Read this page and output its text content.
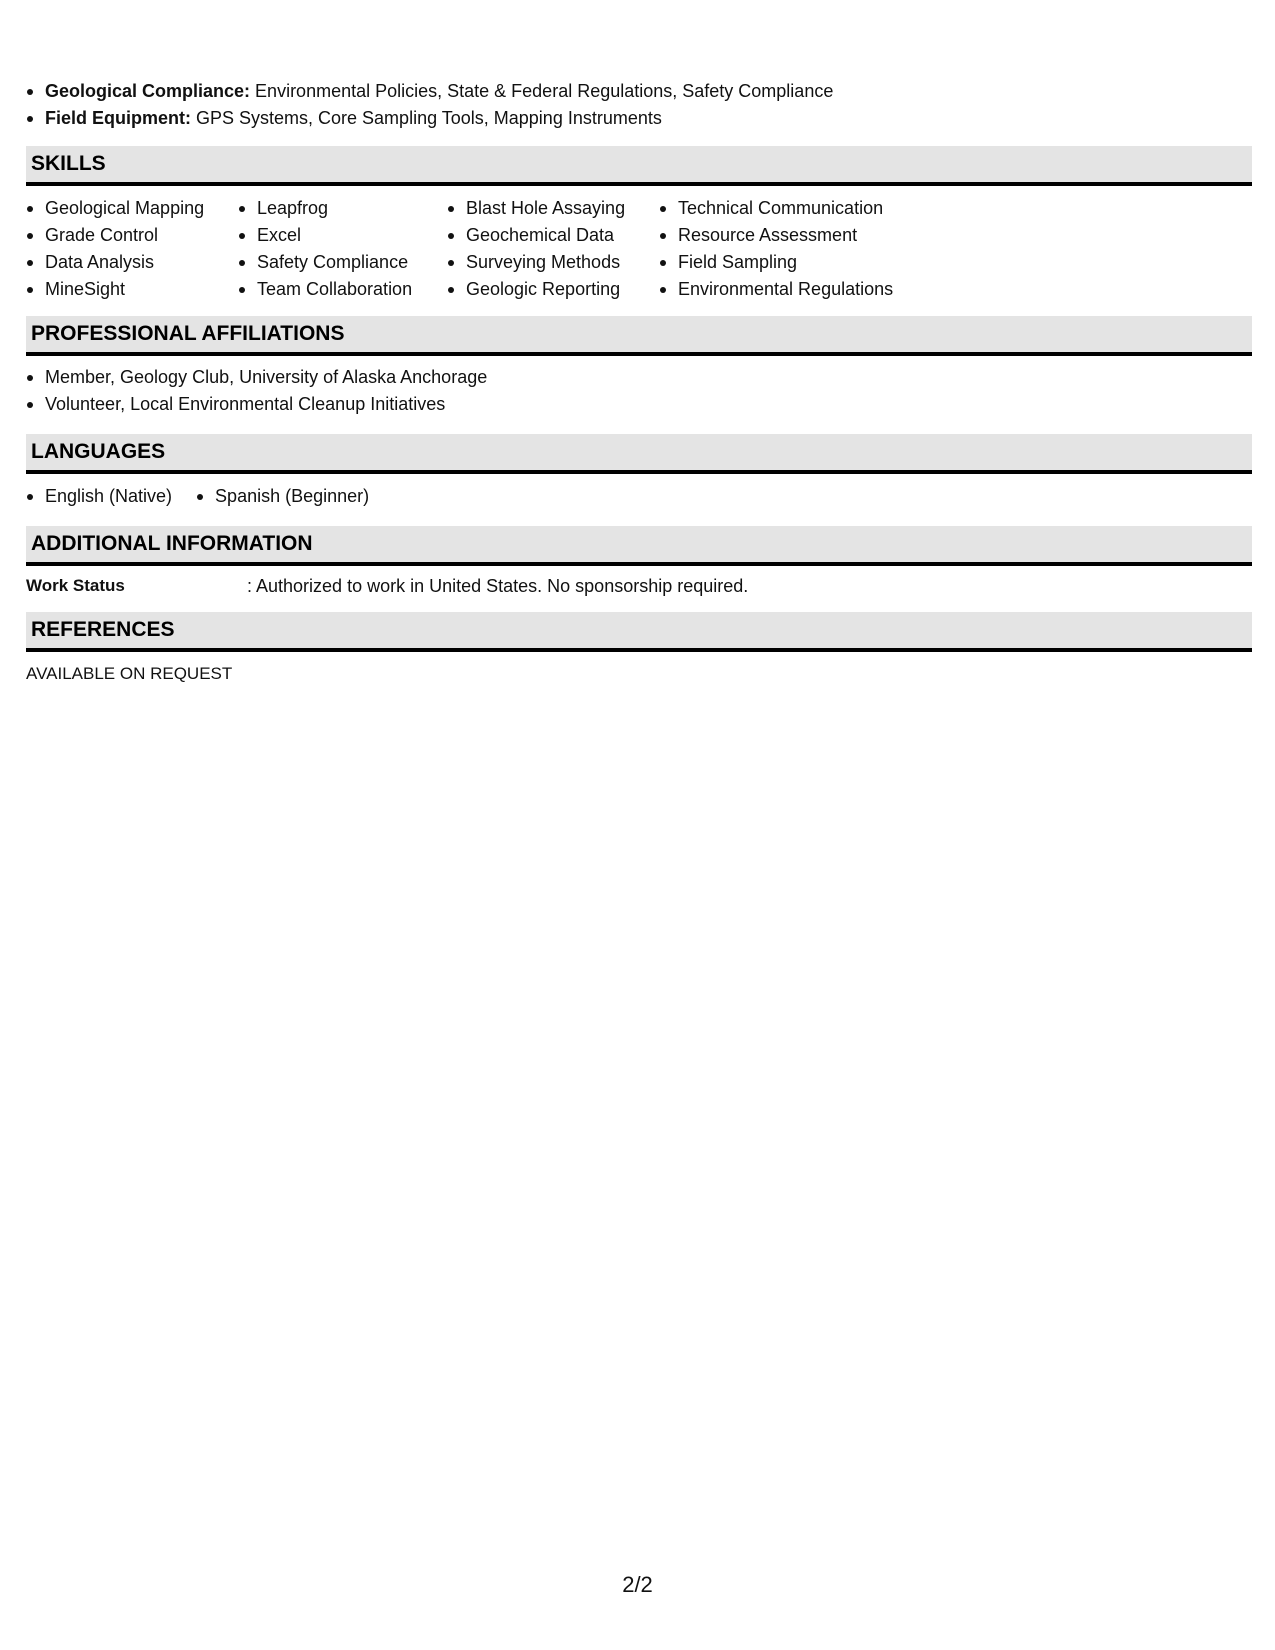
Geological Compliance: Environmental Policies, State & Federal Regulations, Safety Compliance
Field Equipment: GPS Systems, Core Sampling Tools, Mapping Instruments
SKILLS
Geological Mapping
Grade Control
Data Analysis
MineSight
Leapfrog
Excel
Safety Compliance
Team Collaboration
Blast Hole Assaying
Geochemical Data
Surveying Methods
Geologic Reporting
Technical Communication
Resource Assessment
Field Sampling
Environmental Regulations
PROFESSIONAL AFFILIATIONS
Member, Geology Club, University of Alaska Anchorage
Volunteer, Local Environmental Cleanup Initiatives
LANGUAGES
English (Native)	Spanish (Beginner)
ADDITIONAL INFORMATION
Work Status	: Authorized to work in United States. No sponsorship required.
REFERENCES
AVAILABLE ON REQUEST
2/2
